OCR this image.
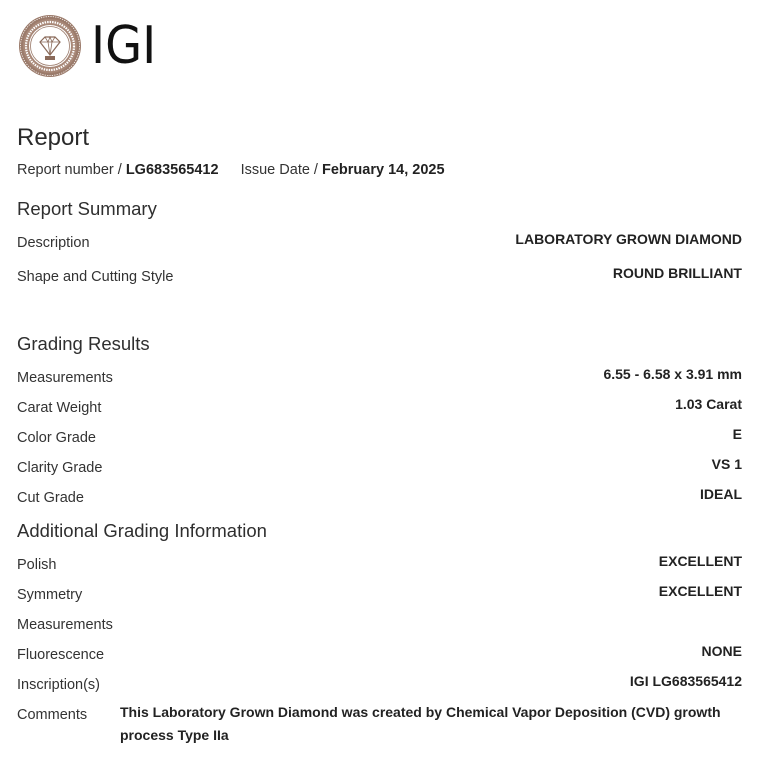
IGI
Report
Report number / LG683565412 Issue Date / February 14, 2025
Report Summary
Description	LABORATORY GROWN DIAMOND
Shape and Cutting Style	ROUND BRILLIANT
Grading Results
Measurements	6.55 - 6.58 x 3.91 mm
Carat Weight	1.03 Carat
Color Grade	E
Clarity Grade	VS 1
Cut Grade	IDEAL
Additional Grading Information
Polish	EXCELLENT
Symmetry	EXCELLENT
Measurements
Fluorescence	NONE
Inscription(s)	IGI LG683565412
Comments This Laboratory Grown Diamond was created by Chemical Vapor Deposition (CVD) growth process Type IIa
